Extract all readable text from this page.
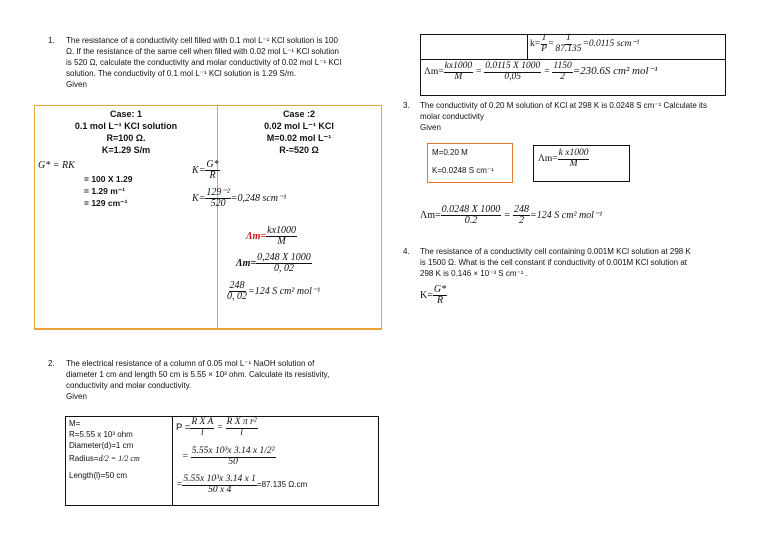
1. The resistance of a conductivity cell filled with 0.1 mol L⁻¹ KCl solution is 100
Ω. If the resistance of the same cell when filled with 0.02 mol L⁻¹ KCl solution
is 520 Ω, calculate the conductivity and molar conductivity of 0.02 mol L⁻¹ KCl
solution. The conductivity of 0.1 mol L⁻¹ KCl solution is 1.29 S/m.
Given
Case: 1
0.1 mol L⁻¹ KCl solution
R=100 Ω.
K=1.29 S/m
G* = RK
= 100 X 1.29
= 1.29 m⁻¹
= 129 cm⁻¹
Case :2
0.02 mol L⁻¹ KCl
M=0.02 mol L⁻¹
R-=520 Ω
$K= \frac{G*}{R}$
$K= \frac{\text{129⁻²}}{520} =0,248$ scm⁻¹
$\Lambda m= \frac{kx1000}{M}$
$\Lambda m= \frac{0,248 X 1000}{0, 02}$
$\frac{248}{0, 02} =124$ S cm² mol⁻¹
2. The electrical resistance of a column of 0.05 mol L⁻¹ NaOH solution of
diameter 1 cm and length 50 cm is 5.55 × 10³ ohm. Calculate its resistivity,
conductivity and molar conductivity.
Given
M=
R=5.55 x 10³ ohm
Diameter(d)=1 cm
Radius=d/2 = 1/2 cm
Length(l)=50 cm
$P = \frac{\text{R X A}}{l} = \frac{\text{R X π r²}}{l}$
= $\frac{\text{5.55x 10³x 3.14 x 1/2²}}{50}$
= $\frac{\text{5.55x 10³x 3.14 x 1}}{50 x 4} =87.135$ Ω.cm
$k= \frac{1}{P} = \frac{1}{87.135} =0.0115$ scm⁻¹
$\Lambda m= \frac{kx1000}{M} = \frac{0.0115 X 1000}{0,05} = \frac{1150}{2} =230.6S$ cm² mol⁻¹
3. The conductivity of 0.20 M solution of KCl at 298 K is 0.0248 S cm⁻¹ Calculate its
molar conductivity
Given
M=0.20 M
K=0.0248 S cm⁻¹
$\Lambda m= \frac{\text{k x1000}}{M}$
$\Lambda m= \frac{0.0248 X 1000}{0.2} = \frac{248}{2} =124$ S cm² mol⁻¹
4. The resistance of a conductivity cell containing 0.001M KCl solution at 298 K
is 1500 Ω. What is the cell constant if conductivity of 0.001M KCl solution at
298 K is 0.146 × 10⁻³ S cm⁻¹ .
$K= \frac{G*}{R}$
